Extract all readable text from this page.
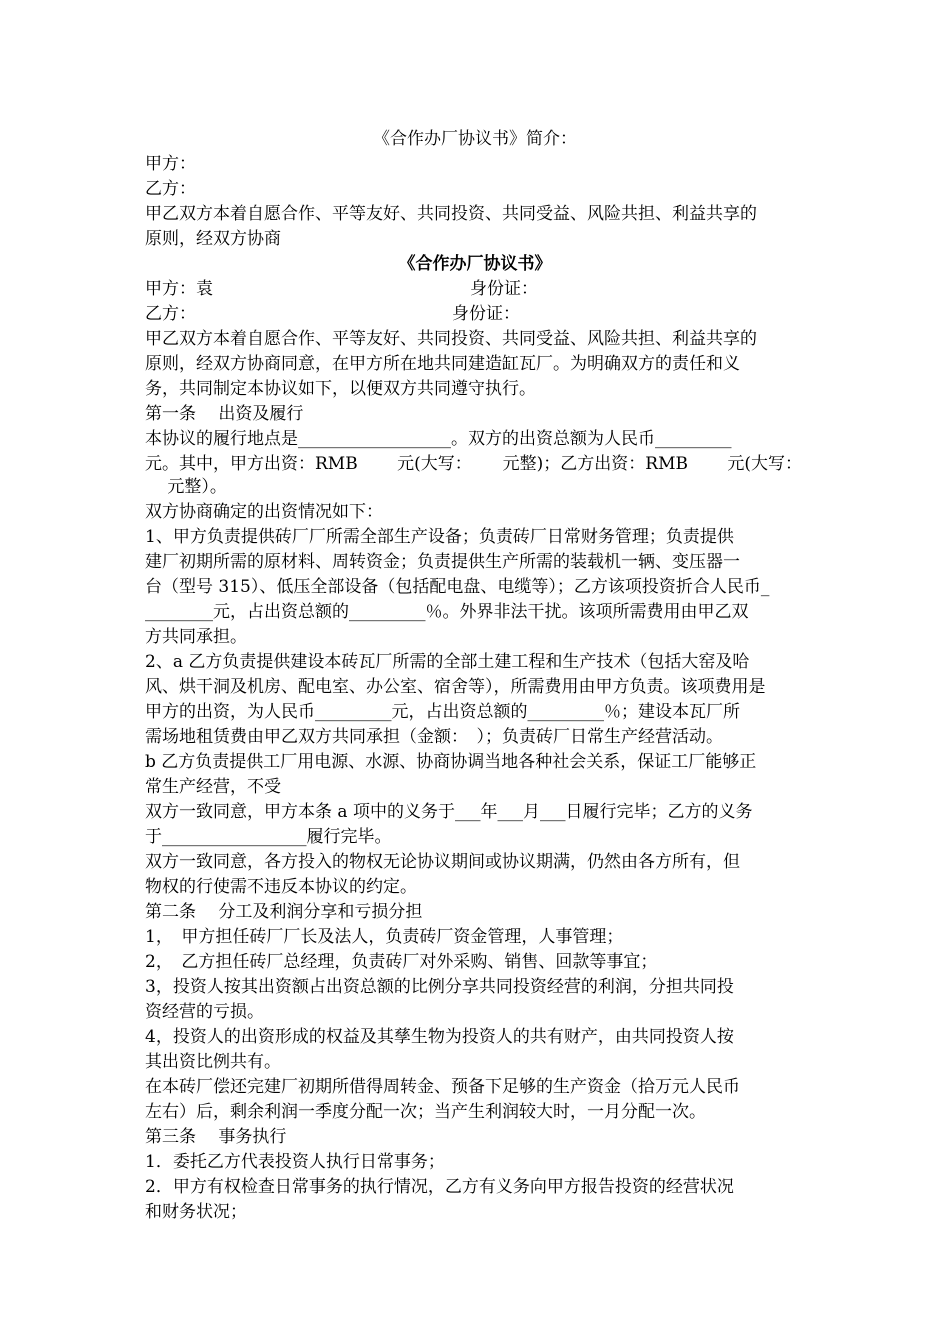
《合作办厂协议书》简介：
甲方：
乙方：
甲乙双方本着自愿合作、平等友好、共同投资、共同受益、风险共担、利益共享的
原则，经双方协商
《合作办厂协议书》
甲方：袁	身份证：
乙方：	身份证：
甲乙双方本着自愿合作、平等友好、共同投资、共同受益、风险共担、利益共享的
原则，经双方协商同意，在甲方所在地共同建造缸瓦厂。为明确双方的责任和义
务，共同制定本协议如下，以便双方共同遵守执行。
第一条　 出资及履行
本协议的履行地点是__________________。双方的出资总额为人民币_________
元。其中，甲方出资：RMB　　 元(大写：　　 元整)；乙方出资：RMB　　 元(大写：
　 元整）。
双方协商确定的出资情况如下：
1、甲方负责提供砖厂厂所需全部生产设备；负责砖厂日常财务管理；负责提供
建厂初期所需的原材料、周转资金；负责提供生产所需的装载机一辆、变压器一
台（型号 315）、低压全部设备（包括配电盘、电缆等）；乙方该项投资折合人民币_
________元，占出资总额的_________％。外界非法干扰。该项所需费用由甲乙双
方共同承担。
2、a 乙方负责提供建设本砖瓦厂所需的全部土建工程和生产技术（包括大窑及哈
风、烘干洞及机房、配电室、办公室、宿舍等），所需费用由甲方负责。该项费用是
甲方的出资，为人民币_________元，占出资总额的_________％；建设本瓦厂所
需场地租赁费由甲乙双方共同承担（金额：　）；负责砖厂日常生产经营活动。
b 乙方负责提供工厂用电源、水源、协商协调当地各种社会关系，保证工厂能够正
常生产经营，不受
双方一致同意，甲方本条 a 项中的义务于___年___月___日履行完毕；乙方的义务
于_________________履行完毕。
双方一致同意，各方投入的物权无论协议期间或协议期满，仍然由各方所有，但
物权的行使需不违反本协议的约定。
第二条　 分工及利润分享和亏损分担
1，　甲方担任砖厂厂长及法人，负责砖厂资金管理，人事管理；
2，　乙方担任砖厂总经理，负责砖厂对外采购、销售、回款等事宜；
3，投资人按其出资额占出资总额的比例分享共同投资经营的利润，分担共同投
资经营的亏损。
4，投资人的出资形成的权益及其孳生物为投资人的共有财产，由共同投资人按
其出资比例共有。
在本砖厂偿还完建厂初期所借得周转金、预备下足够的生产资金（拾万元人民币
左右）后，剩余利润一季度分配一次；当产生利润较大时，一月分配一次。
第三条　 事务执行
1．委托乙方代表投资人执行日常事务；
2．甲方有权检查日常事务的执行情况，乙方有义务向甲方报告投资的经营状况
和财务状况；
